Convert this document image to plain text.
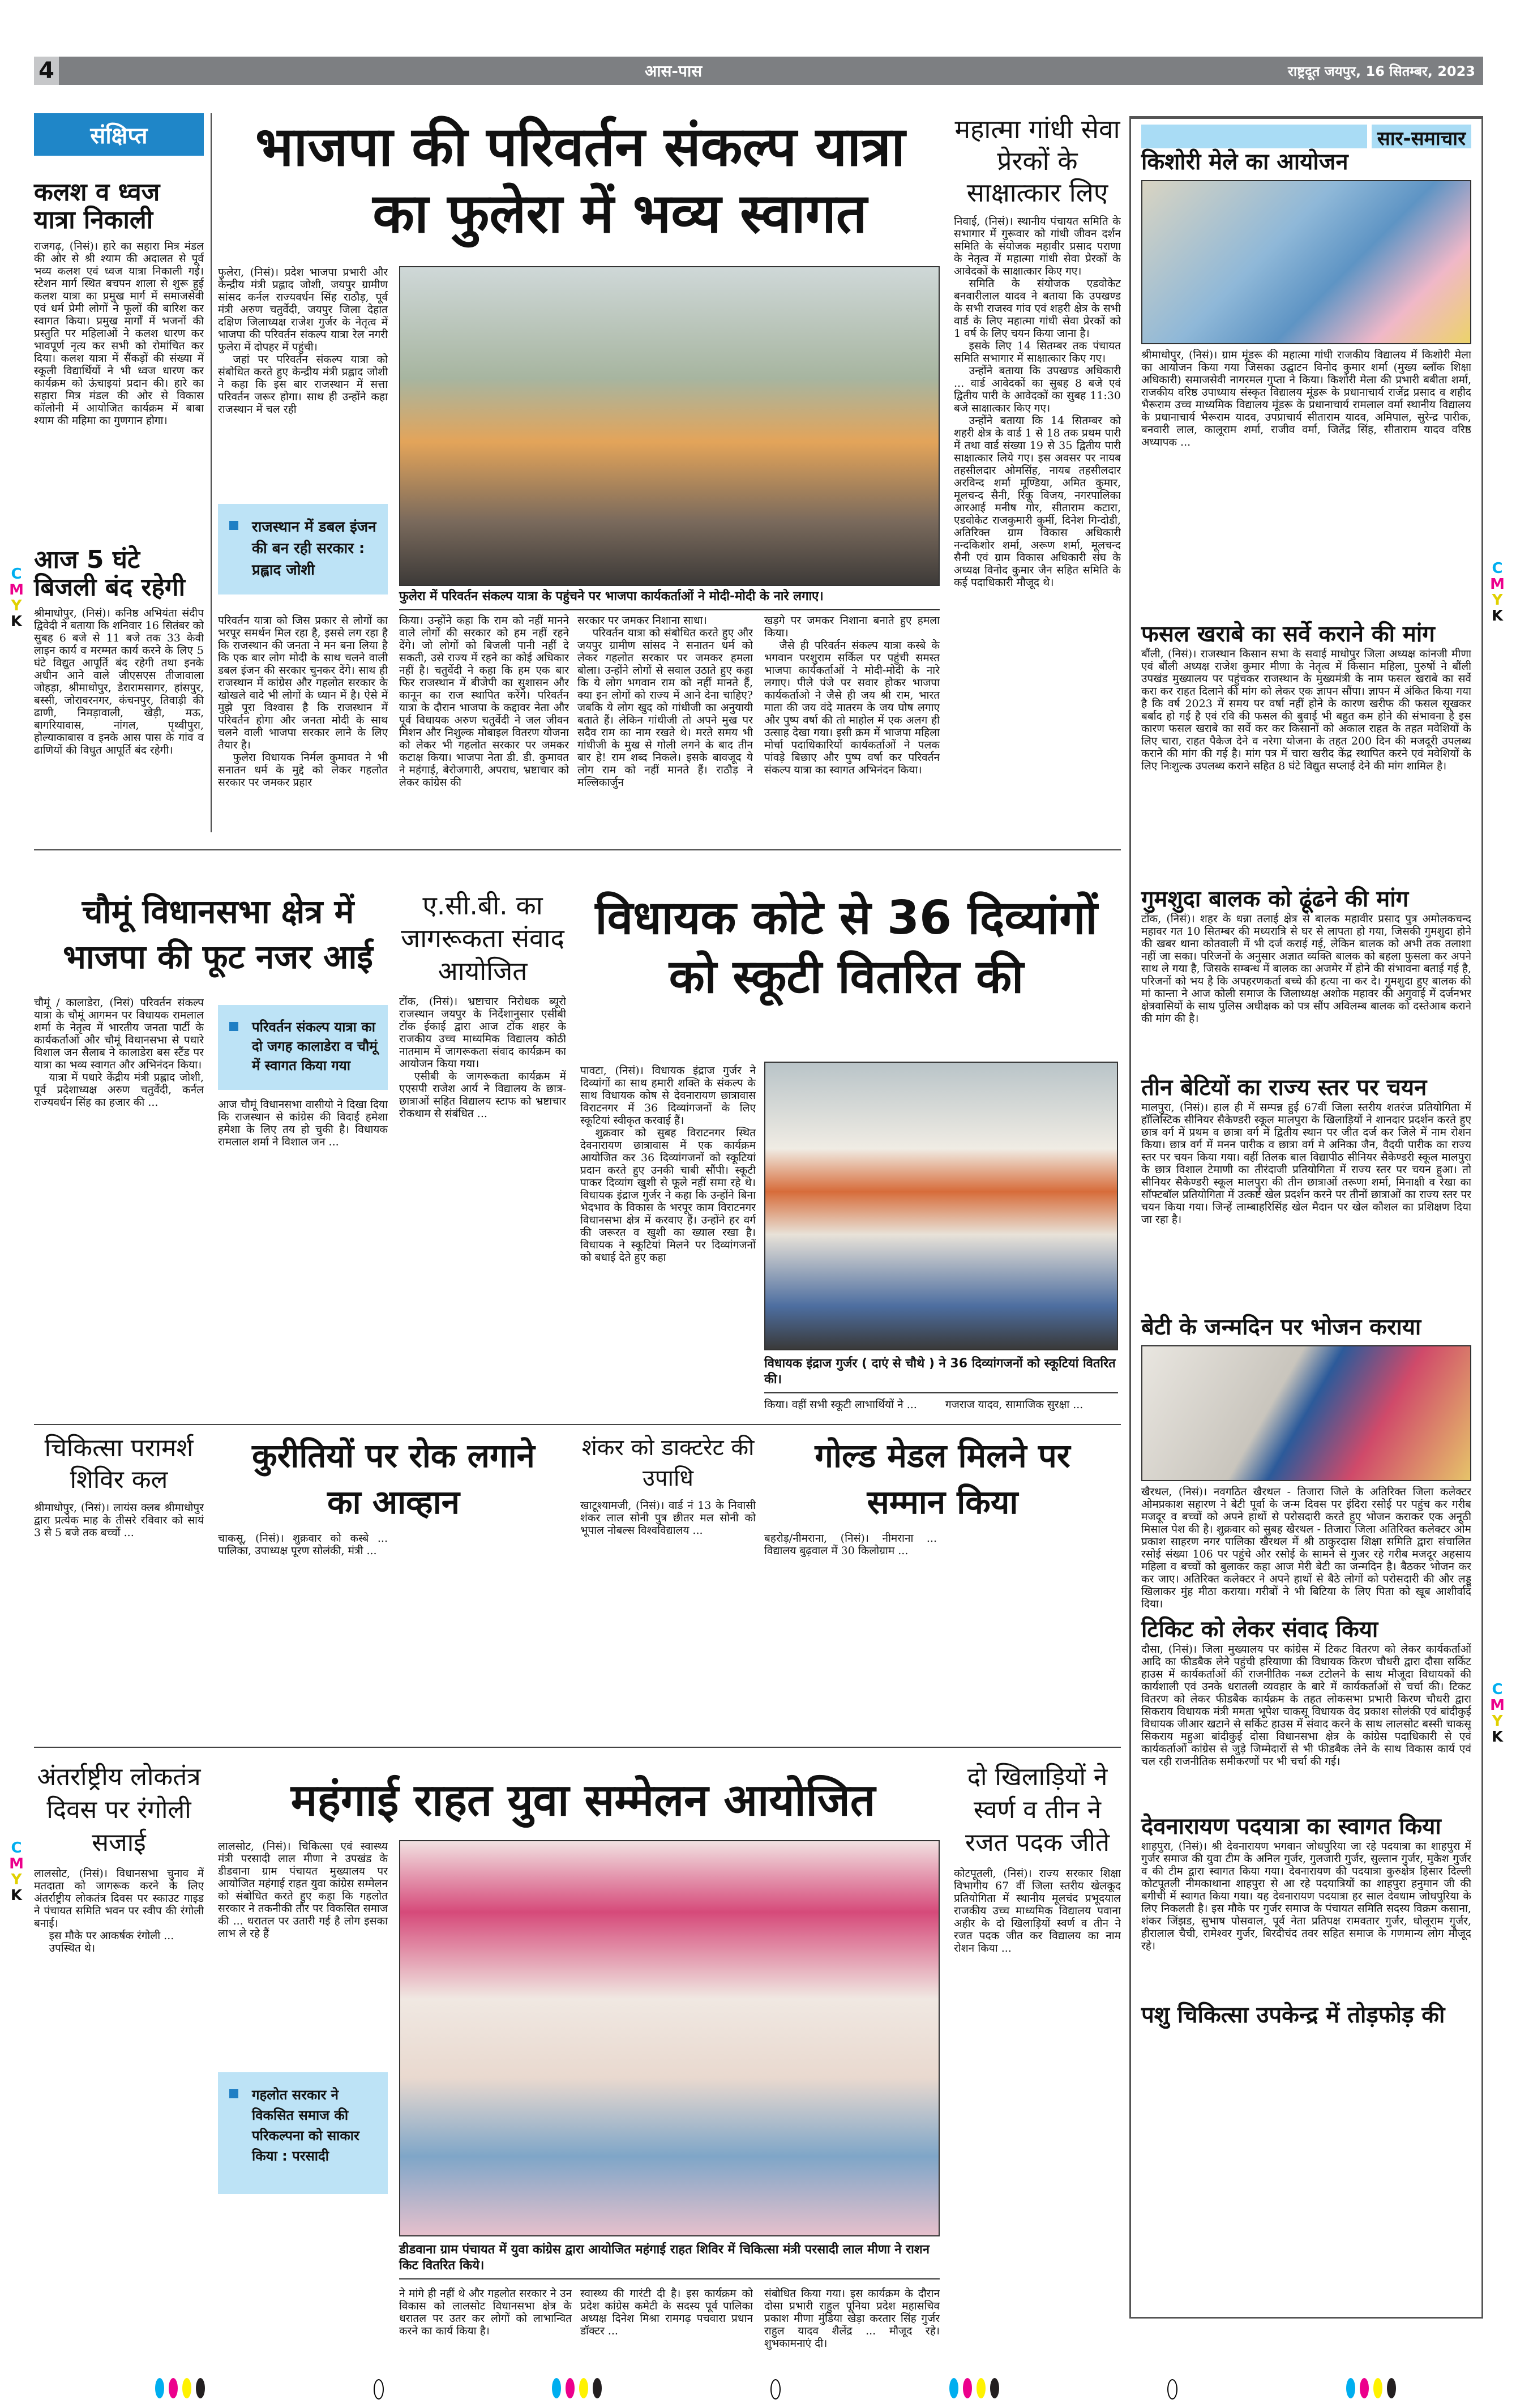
4	आस-पास	राष्ट्रदूत जयपुर, 16 सितम्बर, 2023
संक्षिप्त
कलश व ध्वज यात्रा निकाली

राजगढ़, (निसं)। हारे का सहारा मित्र मंडल की ओर से श्री श्याम की अदालत से पूर्व भव्य कलश एवं ध्वज यात्रा निकाली गई। स्टेशन मार्ग स्थित बचपन शाला से शुरू हुई कलश यात्रा का प्रमुख मार्ग में समाजसेवी एवं धर्म प्रेमी लोगों ने फूलों की बारिश कर स्वागत किया। प्रमुख मार्गों में भजनों की प्रस्तुति पर महिलाओं ने कलश धारण कर भावपूर्ण नृत्य कर सभी को रोमांचित कर दिया। कलश यात्रा में सैंकड़ों की संख्या में स्कूली विद्यार्थियों ने भी ध्वज धारण कर कार्यक्रम को ऊंचाइयां प्रदान की। हारे का सहारा मित्र मंडल की ओर से विकास कॉलोनी में आयोजित कार्यक्रम में बाबा श्याम की महिमा का गुणगान होगा।

आज 5 घंटे बिजली बंद रहेगी

श्रीमाधोपुर, (निसं)। कनिष्ठ अभियंता संदीप द्विवेदी ने बताया कि शनिवार 16 सितंबर को सुबह 6 बजे से 11 बजे तक 33 केवी लाइन कार्य व मरम्मत कार्य करने के लिए 5 घंटे विद्युत आपूर्ति बंद रहेगी तथा इनके अधीन आने वाले जीएसएस तीजावाला जोहड़ा, श्रीमाधोपुर, डेरारामसागर, हांसपुर, बस्सी, जोरावरनगर, कंचनपुर, तिवाड़ी की ढाणी, निमड़ावाली, खेड़ी, मऊ, बागरियावास, नांगल, पृथ्वीपुरा, होल्याकाबास व इनके आस पास के गांव व ढाणियों की विधुत आपूर्ति बंद रहेगी।

भाजपा की परिवर्तन संकल्प यात्रा
का फुलेरा में भव्य स्वागत

फुलेरा, (निसं)। प्रदेश भाजपा प्रभारी और केन्द्रीय मंत्री प्रह्लाद जोशी, जयपुर ग्रामीण सांसद कर्नल राज्यवर्धन सिंह राठौड़, पूर्व मंत्री अरुण चतुर्वेदी, जयपुर जिला देहात दक्षिण जिलाध्यक्ष राजेश गुर्जर के नेतृत्व में भाजपा की परिवर्तन संकल्प यात्रा रेल नगरी फुलेरा में दोपहर में पहुंची।

जहां पर परिवर्तन संकल्प यात्रा को संबोधित करते हुए केन्द्रीय मंत्री प्रह्लाद जोशी ने कहा कि इस बार राजस्थान में सत्ता परिवर्तन जरूर होगा। साथ ही उन्होंने कहा राजस्थान में चल रही

राजस्थान में डबल इंजन की बन रही सरकार : प्रह्लाद जोशी
फुलेरा में परिवर्तन संकल्प यात्रा के पहुंचने पर भाजपा कार्यकर्ताओं ने मोदी-मोदी के नारे लगाए।

परिवर्तन यात्रा को जिस प्रकार से लोगों का भरपूर समर्थन मिल रहा है, इससे लग रहा है कि राजस्थान की जनता ने मन बना लिया है कि एक बार लोग मोदी के साथ चलने वाली डबल इंजन की सरकार चुनकर देंगे। साथ ही राजस्थान में कांग्रेस और गहलोत सरकार के खोखले वादे भी लोगों के ध्यान में है। ऐसे में मुझे पूरा विश्वास है कि राजस्थान में परिवर्तन होगा और जनता मोदी के साथ चलने वाली भाजपा सरकार लाने के लिए तैयार है।

फुलेरा विधायक निर्मल कुमावत ने भी सनातन धर्म के मुद्दे को लेकर गहलोत सरकार पर जमकर प्रहार

किया। उन्होंने कहा कि राम को नहीं मानने वाले लोगों की सरकार को हम नहीं रहने देंगे। जो लोगों को बिजली पानी नहीं दे सकती, उसे राज्य में रहने का कोई अधिकार नहीं है। चतुर्वेदी ने कहा कि हम एक बार फिर राजस्थान में बीजेपी का सुशासन और कानून का राज स्थापित करेंगे। परिवर्तन यात्रा के दौरान भाजपा के कद्दावर नेता और पूर्व विधायक अरुण चतुर्वेदी ने जल जीवन मिशन और निशुल्क मोबाइल वितरण योजना को लेकर भी गहलोत सरकार पर जमकर कटाक्ष किया। भाजपा नेता डी. डी. कुमावत ने महंगाई, बेरोजगारी, अपराध, भ्रष्टाचार को लेकर कांग्रेस की

सरकार पर जमकर निशाना साधा।

परिवर्तन यात्रा को संबोधित करते हुए और जयपुर ग्रामीण सांसद ने सनातन धर्म को लेकर गहलोत सरकार पर जमकर हमला बोला। उन्होंने लोगों से सवाल उठाते हुए कहा कि ये लोग भगवान राम को नहीं मानते हैं, क्या इन लोगों को राज्य में आने देना चाहिए? जबकि ये लोग खुद को गांधीजी का अनुयायी बताते हैं। लेकिन गांधीजी तो अपने मुख पर सदैव राम का नाम रखते थे। मरते समय भी गांधीजी के मुख से गोली लगने के बाद तीन बार हे! राम शब्द निकले। इसके बावजूद ये लोग राम को नहीं मानते हैं। राठौड़ ने मल्लिकार्जुन

खड़गे पर जमकर निशाना बनाते हुए हमला किया।

जैसे ही परिवर्तन संकल्प यात्रा कस्बे के भगवान परशुराम सर्किल पर पहुंची समस्त भाजपा कार्यकर्ताओं ने मोदी-मोदी के नारे लगाए। पीले पंजे पर सवार होकर भाजपा कार्यकर्ताओ ने जैसे ही जय श्री राम, भारत माता की जय वंदे मातरम के जय घोष लगाए और पुष्प वर्षा की तो माहोल में एक अलग ही उत्साह देखा गया। इसी क्रम में भाजपा महिला मोर्चा पदाधिकारियों कार्यकर्ताओं ने पलक पांवड़े बिछाए और पुष्प वर्षा कर परिवर्तन संकल्प यात्रा का स्वागत अभिनंदन किया।

महात्मा गांधी सेवा प्रेरकों के साक्षात्कार लिए

निवाई, (निसं)। स्थानीय पंचायत समिति के सभागार में गुरूवार को गांधी जीवन दर्शन समिति के संयोजक महावीर प्रसाद पराणा के नेतृत्व में महात्मा गांधी सेवा प्रेरकों के आवेदकों के साक्षात्कार किए गए।

समिति के संयोजक एडवोकेट बनवारीलाल यादव ने बताया कि उपखण्ड के सभी राजस्व गांव एवं शहरी क्षेत्र के सभी वार्ड के लिए महात्मा गांधी सेवा प्रेरकों को 1 वर्ष के लिए चयन किया जाना है।

इसके लिए 14 सितम्बर तक पंचायत समिति सभागार में साक्षात्कार किए गए।

उन्होंने बताया कि उपखण्ड अधिकारी ... वार्ड आवेदकों का सुबह 8 बजे एवं द्वितीय पारी के आवेदकों का सुबह 11:30 बजे साक्षात्कार किए गए।

उन्होंने बताया कि 14 सितम्बर को शहरी क्षेत्र के वार्ड 1 से 18 तक प्रथम पारी में तथा वार्ड संख्या 19 से 35 द्वितीय पारी साक्षात्कार लिये गए। इस अवसर पर नायब तहसीलदार ओमसिंह, नायब तहसीलदार अरविन्द शर्मा मूण्डिया, अमित कुमार, मूलचन्द सैनी, रिंकू विजय, नगरपालिका आरआई मनीष गोर, सीताराम कटारा, एडवोकेट राजकुमारी कुर्मी, दिनेश गिन्दोडी, अतिरिक्त ग्राम विकास अधिकारी नन्दकिशोर शर्मा, अरूण शर्मा, मूलचन्द सैनी एवं ग्राम विकास अधिकारी संघ के अध्यक्ष विनोद कुमार जैन सहित समिति के कई पदाधिकारी मौजूद थे।

सार-समाचार
किशोरी मेले का आयोजन
श्रीमाधोपुर, (निसं)। ग्राम मूंडरू की महात्मा गांधी राजकीय विद्यालय में किशोरी मेला का आयोजन किया गया जिसका उद्घाटन विनोद कुमार शर्मा (मुख्य ब्लॉक शिक्षा अधिकारी) समाजसेवी नागरमल गुप्ता ने किया। किशोरी मेला की प्रभारी बबीता शर्मा, राजकीय वरिष्ठ उपाध्याय संस्कृत विद्यालय मूंडरू के प्रधानाचार्य राजेंद्र प्रसाद व शहीद भैरूराम उच्च माध्यमिक विद्यालय मूंडरू के प्रधानाचार्य रामलाल वर्मा स्थानीय विद्यालय के प्रधानाचार्य भैरूराम यादव, उपप्राचार्य सीताराम यादव, अमिपाल, सुरेन्द्र पारीक, बनवारी लाल, कालूराम शर्मा, राजीव वर्मा, जितेंद्र सिंह, सीताराम यादव वरिष्ठ अध्यापक ...
फसल खराबे का सर्वे कराने की मांग
बौंली, (निसं)। राजस्थान किसान सभा के सवाई माधोपुर जिला अध्यक्ष कांनजी मीणा एवं बौंली अध्यक्ष राजेश कुमार मीणा के नेतृत्व में किसान महिला, पुरुषों ने बौंली उपखंड मुख्यालय पर पहुंचकर राजस्थान के मुख्यमंत्री के नाम फसल खराबे का सर्वे करा कर राहत दिलाने की मांग को लेकर एक ज्ञापन सौंपा। ज्ञापन में अंकित किया गया है कि वर्ष 2023 में समय पर वर्षा नहीं होने के कारण खरीफ की फसल सूखकर बर्बाद हो गई है एवं रवि की फसल की बुवाई भी बहुत कम होने की संभावना है इस कारण फसल खराबे का सर्वे कर कर किसानों को अकाल राहत के तहत मवेशियों के लिए चारा, राहत पैकेज देने व नरेगा योजना के तहत 200 दिन की मजदूरी उपलब्ध कराने की मांग की गई है। मांग पत्र में चारा खरीद केंद्र स्थापित करने एवं मवेशियों के लिए निःशुल्क उपलब्ध कराने सहित 8 घंटे विद्युत सप्लाई देने की मांग शामिल है।
गुमशुदा बालक को ढूंढने की मांग
टोंक, (निसं)। शहर के धन्ना तलाई क्षेत्र से बालक महावीर प्रसाद पुत्र अमोलकचन्द महावर गत 10 सितम्बर की मध्यरात्रि से घर से लापता हो गया, जिसकी गुमशुदा होने की खबर थाना कोतवाली में भी दर्ज कराई गई, लेकिन बालक को अभी तक तलाशा नहीं जा सका। परिजनों के अनुसार अज्ञात व्यक्ति बालक को बहला फुसला कर अपने साथ ले गया है, जिसके सम्बन्ध में बालक का अजमेर में होने की संभावना बताई गई है, परिजनों को भय है कि अपहरणकर्ता बच्चे की हत्या ना कर दे। गुमशुदा हुए बालक की मां कान्ता ने आज कोली समाज के जिलाध्यक्ष अशोक महावर की अगुवाई में दर्जनभर क्षेत्रवासियों के साथ पुलिस अधीक्षक को पत्र सौंप अविलम्ब बालक को दस्तेआब कराने की मांग की है।
तीन बेटियों का राज्य स्तर पर चयन
मालपुरा, (निसं)। हाल ही में सम्पन्न हुई 67वीं जिला स्तरीय शतरंज प्रतियोगिता में हॉलिस्टिक सीनियर सैकेण्डरी स्कूल मालपुरा के खिलाड़ियों ने शानदार प्रदर्शन करते हुए छात्र वर्ग में प्रथम व छात्रा वर्ग में द्वितीय स्थान पर जीत दर्ज कर जिले में नाम रोशन किया। छात्र वर्ग में मनन पारीक व छात्रा वर्ग मे अनिका जैन, वैदयी पारीक का राज्य स्तर पर चयन किया गया। वहीं तिलक बाल विद्यापीठ सीनियर सैकेण्डरी स्कूल मालपुरा के छात्र विशाल टेमाणी का तीरंदाजी प्रतियोगिता में राज्य स्तर पर चयन हुआ। तो सीनियर सैकेण्डरी स्कूल मालपुरा की तीन छात्राओं तरूणा शर्मा, मिनाक्षी व रेखा का सॉफ्टबॉल प्रतियोगिता में उत्कर्ष्ट खेल प्रदर्शन करने पर तीनों छात्राओं का राज्य स्तर पर चयन किया गया। जिन्हें लाम्बाहरिसिंह खेल मैदान पर खेल कौशल का प्रशिक्षण दिया जा रहा है।
बेटी के जन्मदिन पर भोजन कराया
खैरथल, (निसं)। नवगठित खैरथल - तिजारा जिले के अतिरिक्त जिला कलेक्टर ओमप्रकाश सहारण ने बेटी पूर्वा के जन्म दिवस पर इंदिरा रसोई पर पहुंच कर गरीब मजदूर व बच्चों को अपने हाथों से परोसदारी करते हुए भोजन कराकर एक अनूठी मिसाल पेश की है। शुक्रवार को सुबह खैरथल - तिजारा जिला अतिरिक्त कलेक्टर ओम प्रकाश साहरण नगर पालिका खैरथल में श्री ठाकुरदास शिक्षा समिति द्वारा संचालित रसोई संख्या 106 पर पहुंचे और रसोई के सामने से गुजर रहे गरीब मजदूर अहसाय महिला व बच्चों को बुलाकर कहा आज मेरी बेटी का जन्मदिन है। बैठकर भोजन कर कर जाए। अतिरिक्त कलेक्टर ने अपने हाथों से बैठे लोगों को परोसदारी की और लड्डू खिलाकर मुंह मीठा कराया। गरीबों ने भी बिटिया के लिए पिता को खूब आशीर्वाद दिया।
टिकिट को लेकर संवाद किया
दौसा, (निसं)। जिला मुख्यालय पर कांग्रेस में टिकट वितरण को लेकर कार्यकर्ताओं आदि का फीडबैक लेने पहुंची हरियाणा की विधायक किरण चौधरी द्वारा दौसा सर्किट हाउस में कार्यकर्ताओं की राजनीतिक नब्ज टटोलने के साथ मौजूदा विधायकों की कार्यशाली एवं उनके धरातली व्यवहार के बारे में कार्यकर्ताओं से चर्चा की। टिकट वितरण को लेकर फीडबैक कार्यक्रम के तहत लोकसभा प्रभारी किरण चौधरी द्वारा सिकराय विधायक मंत्री ममता भूपेश चाकसू विधायक वेद प्रकाश सोलंकी एवं बांदीकुई विधायक जीआर खटाने से सर्किट हाउस में संवाद करने के साथ लालसोट बस्सी चाकसू सिकराय महुआ बांदीकुई दोसा विधानसभा क्षेत्र के कांग्रेस पदाधिकारी से एवं कार्यकर्ताओं कांग्रेस से जुड़े जिम्मेदारों से भी फीडबैक लेने के साथ विकास कार्य एवं चल रही राजनीतिक समीकरणों पर भी चर्चा की गई।
देवनारायण पदयात्रा का स्वागत किया
शाहपुरा, (निसं)। श्री देवनारायण भगवान जोधपुरिया जा रहे पदयात्रा का शाहपुरा में गुर्जर समाज की युवा टीम के अनिल गुर्जर, गुलजारी गुर्जर, सुल्तान गुर्जर, मुकेश गुर्जर व की टीम द्वारा स्वागत किया गया। देवनारायण की पदयात्रा कुरुक्षेत्र हिसार दिल्ली कोटपूतली नीमकाथाना शाहपुरा से आ रहे पदयात्रियों का शाहपुरा हनुमान जी की बगीची में स्वागत किया गया। यह देवनारायण पदयात्रा हर साल देवधाम जोधपुरिया के लिए निकलती है। इस मौके पर गुर्जर समाज के पंचायत समिति सदस्य विक्रम कसाना, शंकर जिंझड, सुभाष पोसवाल, पूर्व नेता प्रतिपक्ष रामवतार गुर्जर, धोलूराम गुर्जर, हीरालाल चैची, रामेश्वर गुर्जर, बिरदीचंद तवर सहित समाज के गणमान्य लोग मौजूद रहे।
पशु चिकित्सा उपकेन्द्र में तोड़फोड़ की
चौमूं विधानसभा क्षेत्र में
भाजपा की फूट नजर आई

चौमूं / कालाडेरा, (निसं) परिवर्तन संकल्प यात्रा के चौमूं आगमन पर विधायक रामलाल शर्मा के नेतृत्व में भारतीय जनता पार्टी के कार्यकर्ताओं और चौमूं विधानसभा से पधारे विशाल जन सैलाब ने कालाडेरा बस स्टैंड पर यात्रा का भव्य स्वागत और अभिनंदन किया।

यात्रा में पधारे केंद्रीय मंत्री प्रह्लाद जोशी, पूर्व प्रदेशाध्यक्ष अरुण चतुर्वेदी, कर्नल राज्यवर्धन सिंह का हजार की ...

परिवर्तन संकल्प यात्रा का दो जगह कालाडेरा व चौमूं में स्वागत किया गया

आज चौमूं विधानसभा वासीयो ने दिखा दिया कि राजस्थान से कांग्रेस की विदाई हमेशा हमेशा के लिए तय हो चुकी है। विधायक रामलाल शर्मा ने विशाल जन ...

ए.सी.बी. का जागरूकता संवाद आयोजित

टोंक, (निसं)। भ्रष्टाचार निरोधक ब्यूरो राजस्थान जयपुर के निर्देशानुसार एसीबी टोंक ईकाई द्वारा आज टोंक शहर के राजकीय उच्च माध्यमिक विद्यालय कोठी नातमाम में जागरूकता संवाद कार्यक्रम का आयोजन किया गया।

एसीबी के जागरूकता कार्यक्रम में एएसपी राजेश आर्य ने विद्यालय के छात्र-छात्राओं सहित विद्यालय स्टाफ को भ्रष्टाचार रोकथाम से संबंधित ...

विधायक कोटे से 36 दिव्यांगों
को स्कूटी वितरित की

पावटा, (निसं)। विधायक इंद्राज गुर्जर ने दिव्यांगों का साथ हमारी शक्ति के संकल्प के साथ विधायक कोष से देवनारायण छात्रावास विराटनगर में 36 दिव्यांगजनों के लिए स्कूटियां स्वीकृत करवाई हैं।

शुक्रवार को सुबह विराटनगर स्थित देवनारायण छात्रावास में एक कार्यक्रम आयोजित कर 36 दिव्यांगजनों को स्कूटियां प्रदान करते हुए उनकी चाबी सौंपी। स्कूटी पाकर दिव्यांग खुशी से फूले नहीं समा रहे थे। विधायक इंद्राज गुर्जर ने कहा कि उन्होंने बिना भेदभाव के विकास के भरपूर काम विराटनगर विधानसभा क्षेत्र में करवाए हैं। उन्होंने हर वर्ग की जरूरत व खुशी का ख्याल रखा है। विधायक ने स्कूटियां मिलने पर दिव्यांगजनों को बधाई देते हुए कहा

विधायक इंद्राज गुर्जर ( दाएं से चौथे ) ने 36 दिव्यांगजनों को स्कूटियां वितरित की।
किया। वहीं सभी स्कूटी लाभार्थियों ने ...	गजराज यादव, सामाजिक सुरक्षा ...
चिकित्सा परामर्श शिविर कल
श्रीमाधोपुर, (निसं)। लायंस क्लब श्रीमाधोपुर द्वारा प्रत्येक माह के तीसरे रविवार को सायं 3 से 5 बजे तक बच्चों ...
कुरीतियों पर रोक लगाने
का आव्हान
चाकसू, (निसं)। शुक्रवार को कस्बे ... पालिका, उपाध्यक्ष पूरण सोलंकी, मंत्री ...
शंकर को डाक्टरेट की उपाधि
खाटूश्यामजी, (निसं)। वार्ड नं 13 के निवासी शंकर लाल सोनी पुत्र छीतर मल सोनी को भूपाल नोबल्स विश्वविद्यालय ...
गोल्ड मेडल मिलने पर
सम्मान किया
बहरोड़/नीमराना, (निसं)। नीमराना ... विद्यालय बुढ़वाल में 30 किलोग्राम ...
अंतर्राष्ट्रीय लोकतंत्र दिवस पर रंगोली सजाई

लालसोट, (निसं)। विधानसभा चुनाव में मतदाता को जागरूक करने के लिए अंतर्राष्ट्रीय लोकतंत्र दिवस पर स्काउट गाइड ने पंचायत समिति भवन पर स्वीप की रंगोली बनाई।

इस मौके पर आकर्षक रंगोली ...

उपस्थित थे।

महंगाई राहत युवा सम्मेलन आयोजित

लालसोट, (निसं)। चिकित्सा एवं स्वास्थ्य मंत्री परसादी लाल मीणा ने उपखंड के डीडवाना ग्राम पंचायत मुख्यालय पर आयोजित महंगाई राहत युवा कांग्रेस सम्मेलन को संबोधित करते हुए कहा कि गहलोत सरकार ने तकनीकी तौर पर विकसित समाज की ... धरातल पर उतारी गई है लोग इसका लाभ ले रहे हैं

गहलोत सरकार ने विकसित समाज की परिकल्पना को साकार किया : परसादी
डीडवाना ग्राम पंचायत में युवा कांग्रेस द्वारा आयोजित महंगाई राहत शिविर में चिकित्सा मंत्री परसादी लाल मीणा ने राशन किट वितरित किये।
ने मांगे ही नहीं थे और गहलोत सरकार ने उन विकास को लालसोट विधानसभा क्षेत्र के धरातल पर उतर कर लोगों को लाभान्वित करने का कार्य किया है।
स्वास्थ्य की गारंटी दी है। इस कार्यक्रम को प्रदेश कांग्रेस कमेटी के सदस्य पूर्व पालिका अध्यक्ष दिनेश मिश्रा रामगढ़ पचवारा प्रधान डॉक्टर ...
संबोधित किया गया। इस कार्यक्रम के दौरान दोसा प्रभारी राहुल पूनिया प्रदेश महासचिव प्रकाश मीणा मुंडिया खेड़ा करतार सिंह गुर्जर राहुल यादव शैलेंद्र ... मौजूद रहे। शुभकामनाएं दी।
दो खिलाड़ियों ने स्वर्ण व तीन ने रजत पदक जीते

कोटपूतली, (निसं)। राज्य सरकार शिक्षा विभागीय 67 वीं जिला स्तरीय खेलकूद प्रतियोगिता में स्थानीय मूलचंद प्रभूदयाल राजकीय उच्च माध्यमिक विद्यालय पवाना अहीर के दो खिलाड़ियों स्वर्ण व तीन ने रजत पदक जीत कर विद्यालय का नाम रोशन किया ...

C
M
Y
K
C
M
Y
K
C
M
Y
K
C
M
Y
K
